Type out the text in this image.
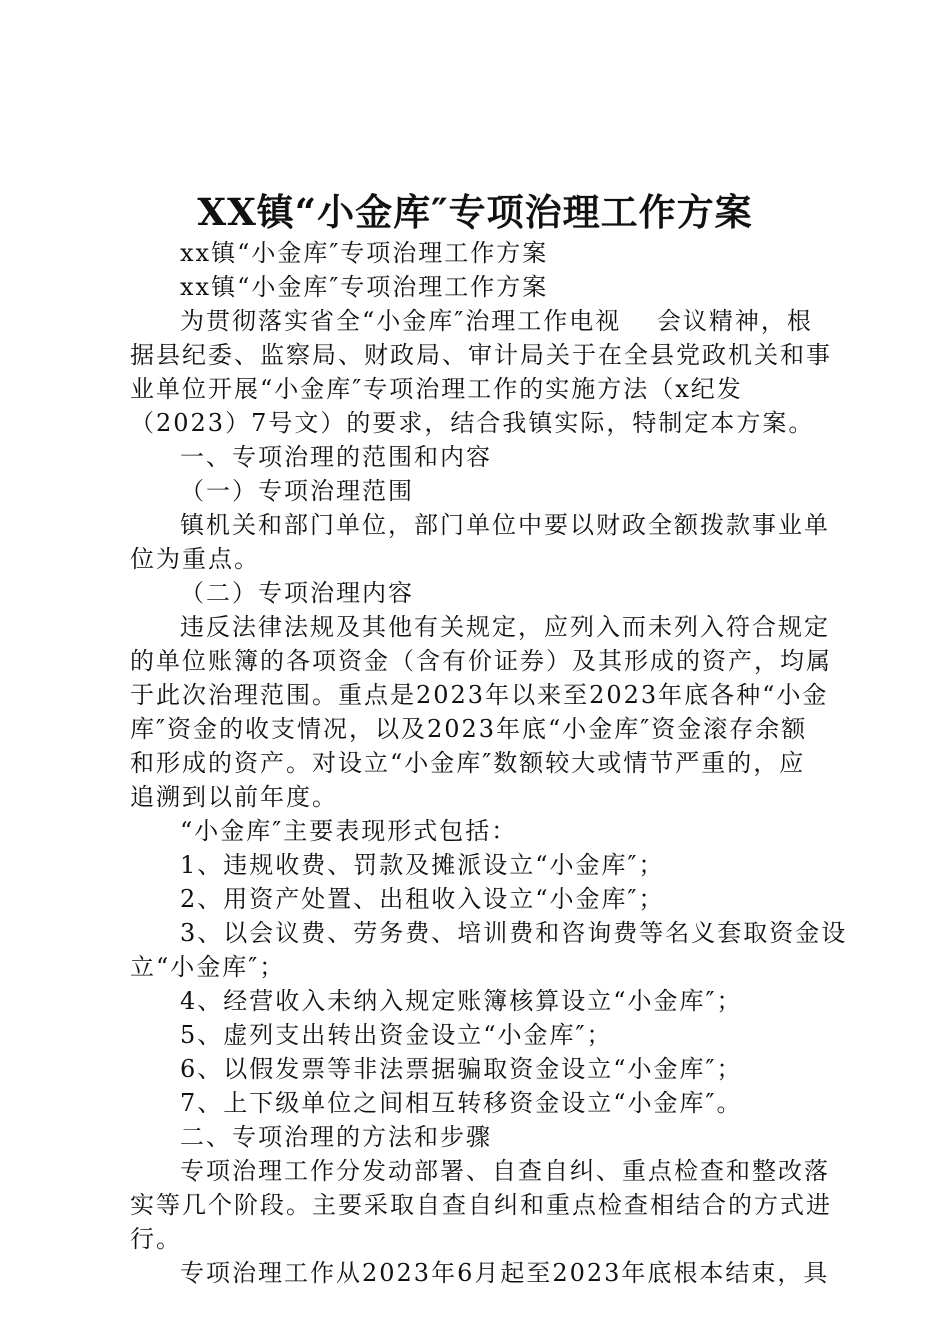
XX镇“小金库″专项治理工作方案
xx镇“小金库″专项治理工作方案
xx镇“小金库″专项治理工作方案
为贯彻落实省全“小金库″治理工作电视　 会议精神，根
据县纪委、监察局、财政局、审计局关于在全县党政机关和事
业单位开展“小金库″专项治理工作的实施方法（x纪发
（2023）7号文）的要求，结合我镇实际，特制定本方案。
一、专项治理的范围和内容
（一）专项治理范围
镇机关和部门单位，部门单位中要以财政全额拨款事业单
位为重点。
（二）专项治理内容
违反法律法规及其他有关规定，应列入而未列入符合规定
的单位账簿的各项资金（含有价证券）及其形成的资产，均属
于此次治理范围。重点是2023年以来至2023年底各种“小金
库″资金的收支情况，以及2023年底“小金库″资金滚存余额
和形成的资产。对设立“小金库″数额较大或情节严重的，应
追溯到以前年度。
“小金库″主要表现形式包括：
1、违规收费、罚款及摊派设立“小金库″；
2、用资产处置、出租收入设立“小金库″；
3、以会议费、劳务费、培训费和咨询费等名义套取资金设
立“小金库″；
4、经营收入未纳入规定账簿核算设立“小金库″；
5、虚列支出转出资金设立“小金库″；
6、以假发票等非法票据骗取资金设立“小金库″；
7、上下级单位之间相互转移资金设立“小金库″。
二、专项治理的方法和步骤
专项治理工作分发动部署、自查自纠、重点检查和整改落
实等几个阶段。主要采取自查自纠和重点检查相结合的方式进
行。
专项治理工作从2023年6月起至2023年底根本结束，具
